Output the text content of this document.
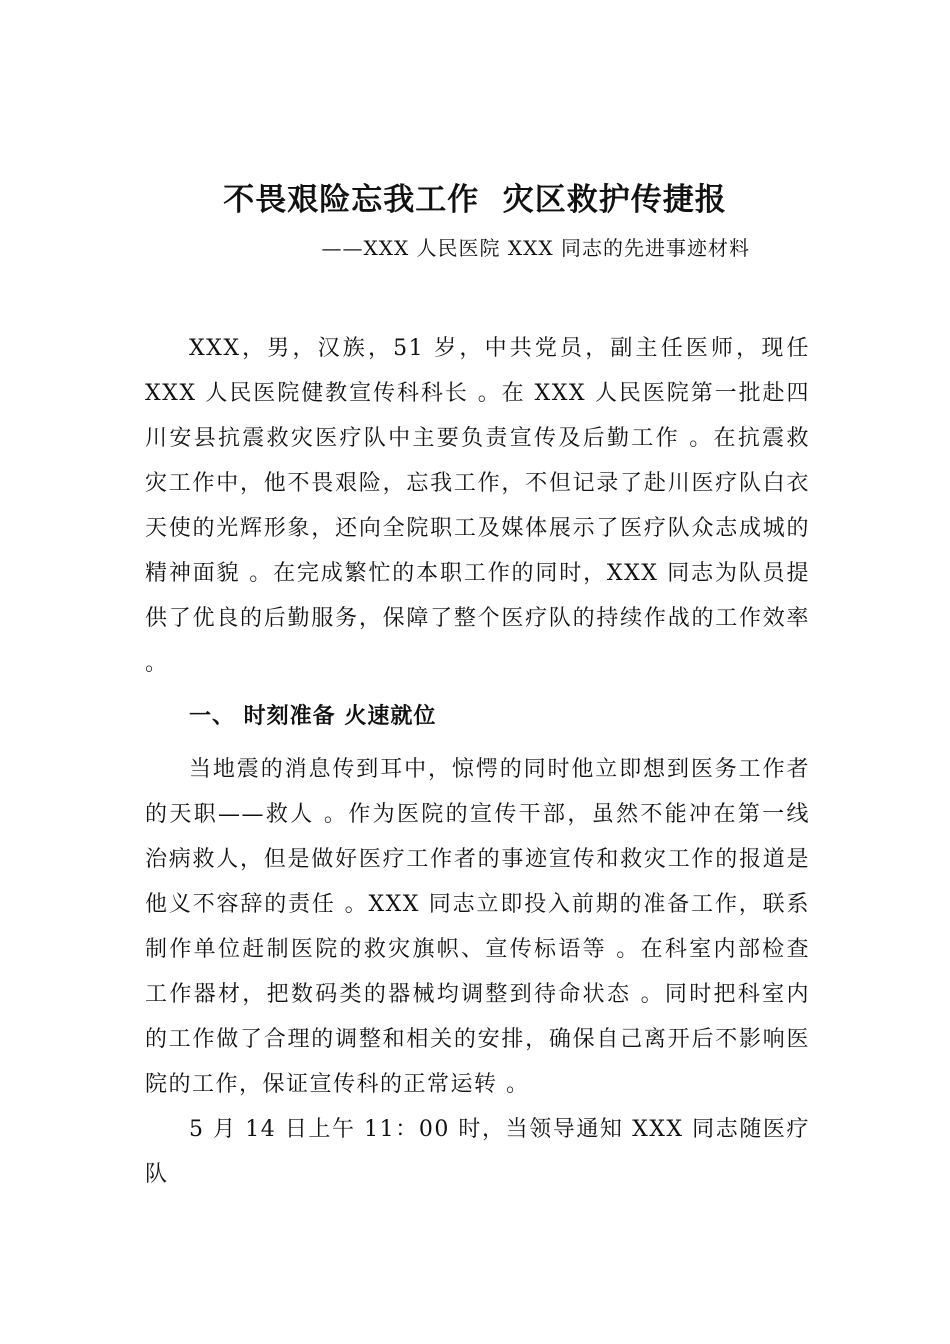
不畏艰险忘我工作  灾区救护传捷报
——XXX 人民医院 XXX 同志的先进事迹材料

XXX，男，汉族，51 岁，中共党员，副主任医师，现任 XXX 人民医院健教宣传科科长 。在 XXX 人民医院第一批赴四川安县抗震救灾医疗队中主要负责宣传及后勤工作 。在抗震救灾工作中，他不畏艰险，忘我工作，不但记录了赴川医疗队白衣天使的光辉形象，还向全院职工及媒体展示了医疗队众志成城的精神面貌 。在完成繁忙的本职工作的同时，XXX 同志为队员提供了优良的后勤服务，保障了整个医疗队的持续作战的工作效率 。

一、 时刻准备 火速就位

当地震的消息传到耳中，惊愕的同时他立即想到医务工作者的天职——救人 。作为医院的宣传干部，虽然不能冲在第一线治病救人，但是做好医疗工作者的事迹宣传和救灾工作的报道是他义不容辞的责任 。XXX 同志立即投入前期的准备工作，联系制作单位赶制医院的救灾旗帜、宣传标语等 。在科室内部检查工作器材，把数码类的器械均调整到待命状态 。同时把科室内的工作做了合理的调整和相关的安排，确保自己离开后不影响医院的工作，保证宣传科的正常运转 。

5 月 14 日上午 11：00 时，当领导通知 XXX 同志随医疗队
